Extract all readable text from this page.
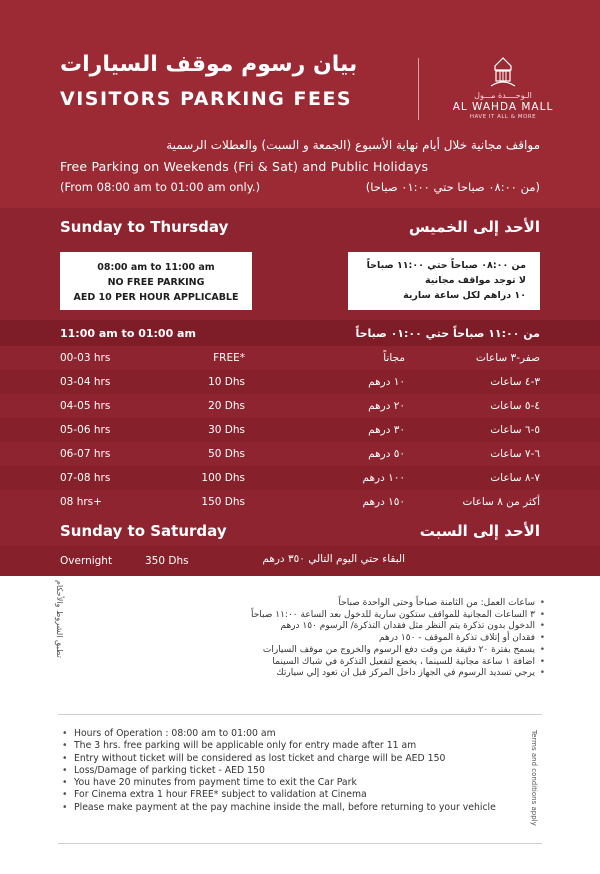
بيان رسوم موقف السيارات
VISITORS PARKING FEES	الـوحــــدة مـــول
AL WAHDA MALL
HAVE IT ALL & MORE
مواقف مجانية خلال أيام نهاية الأسبوع (الجمعة و السبت) والعطلات الرسمية
Free Parking on Weekends (Fri & Sat) and Public Holidays
(From 08:00 am to 01:00 am only.)	(من ٠٨:٠٠ صباحا حتي ٠١:٠٠ صباحا)
Sunday to Thursday	الأحد إلى الخميس
08:00 am to 11:00 am
NO FREE PARKING
AED 10 PER HOUR APPLICABLE
من ٠٨:٠٠ صباحاً حتي ١١:٠٠ صباحاً
لا توجد مواقف مجانية
١٠ دراهم لكل ساعة سارية
11:00 am to 01:00 am	من ١١:٠٠ صباحاً حتي ٠١:٠٠ صباحاً
00-03 hrs	FREE*	مجاناً	صفر-٣ ساعات
03-04 hrs	10 Dhs	١٠ درهم	٣-٤ ساعات
04-05 hrs	20 Dhs	٢٠ درهم	٤-٥ ساعات
05-06 hrs	30 Dhs	٣٠ درهم	٥-٦ ساعات
06-07 hrs	50 Dhs	٥٠ درهم	٦-٧ ساعات
07-08 hrs	100 Dhs	١٠٠ درهم	٧-٨ ساعات
08 hrs+	150 Dhs	١٥٠ درهم	أكثر من ٨ ساعات
Sunday to Saturday	الأحد إلى السبت
Overnight	350 Dhs	البقاء حتي اليوم التالي ٣٥٠ درهم
تطبق الشروط والأحكام
•	ساعات العمل: من الثامنة صباحاً وحتى الواحدة صباحاً
• ٣ الساعات المجانية للمواقف ستكون سارية للدخول بعد الساعة ١١:٠٠ صباحاً
• الدخول بدون تذكرة يتم النظر مثل فقدان التذكرة/ الرسوم ١٥٠ درهم
• فقدان أو إتلاف تذكرة الموقف - ١٥٠ درهم
• يسمح بفترة ٢٠ دقيقة من وقت دفع الرسوم والخروج من موقف السيارات
• اضافة ١ ساعة مجانية للسينما ، يخضع لتفعيل التذكرة في شباك السينما
• يرجي تسديد الرسوم في الجهاز داخل المركز قبل ان تعود إلي سيارتك
• Hours of Operation : 08:00 am to 01:00 am
• The 3 hrs. free parking will be applicable only for entry made after 11 am
• Entry without ticket will be considered as lost ticket and charge will be AED 150
• Loss/Damage of parking ticket - AED 150
• You have 20 minutes from payment time to exit the Car Park
• For Cinema extra 1 hour FREE* subject to validation at Cinema
• Please make payment at the pay machine inside the mall, before returning to your vehicle	Terms and conditions apply
